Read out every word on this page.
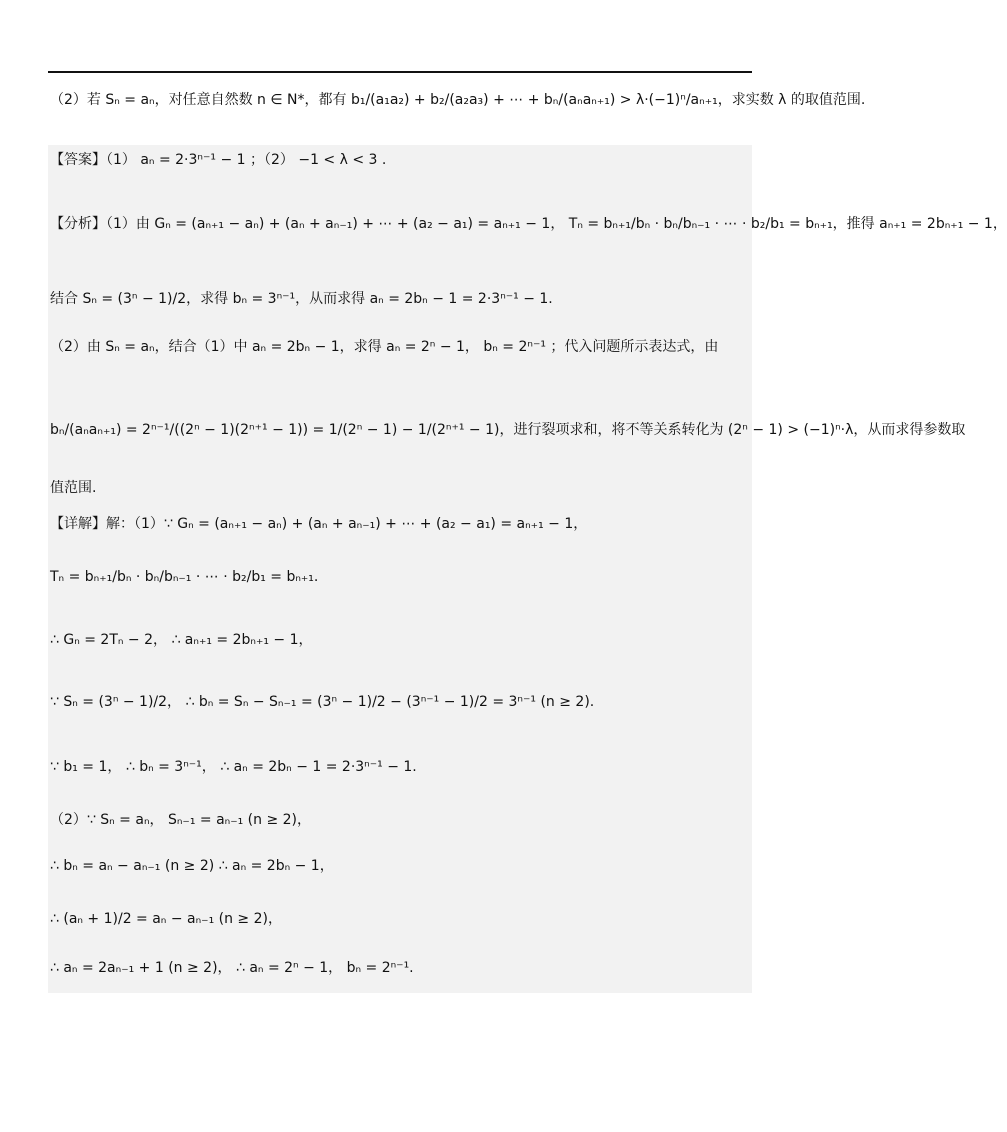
（2）若 Sₙ = aₙ，对任意自然数 n ∈ N*，都有 b₁/(a₁a₂) + b₂/(a₂a₃) + ⋯ + bₙ/(aₙaₙ₊₁) > λ·(−1)ⁿ/aₙ₊₁，求实数 λ 的取值范围.
【答案】（1） aₙ = 2·3ⁿ⁻¹ − 1 ；（2） −1 < λ < 3 .
【分析】（1）由 Gₙ = (aₙ₊₁ − aₙ) + (aₙ + aₙ₋₁) + ⋯ + (a₂ − a₁) = aₙ₊₁ − 1， Tₙ = bₙ₊₁/bₙ · bₙ/bₙ₋₁ · ⋯ · b₂/b₁ = bₙ₊₁，推得 aₙ₊₁ = 2bₙ₊₁ − 1，
结合 Sₙ = (3ⁿ − 1)/2，求得 bₙ = 3ⁿ⁻¹，从而求得 aₙ = 2bₙ − 1 = 2·3ⁿ⁻¹ − 1.
（2）由 Sₙ = aₙ，结合（1）中 aₙ = 2bₙ − 1，求得 aₙ = 2ⁿ − 1， bₙ = 2ⁿ⁻¹ ；代入问题所示表达式，由
bₙ/(aₙaₙ₊₁) = 2ⁿ⁻¹/((2ⁿ − 1)(2ⁿ⁺¹ − 1)) = 1/(2ⁿ − 1) − 1/(2ⁿ⁺¹ − 1)，进行裂项求和，将不等关系转化为 (2ⁿ − 1) > (−1)ⁿ·λ，从而求得参数取
值范围.
【详解】解：（1）∵ Gₙ = (aₙ₊₁ − aₙ) + (aₙ + aₙ₋₁) + ⋯ + (a₂ − a₁) = aₙ₊₁ − 1，
Tₙ = bₙ₊₁/bₙ · bₙ/bₙ₋₁ · ⋯ · b₂/b₁ = bₙ₊₁.
∴ Gₙ = 2Tₙ − 2， ∴ aₙ₊₁ = 2bₙ₊₁ − 1，
∵ Sₙ = (3ⁿ − 1)/2， ∴ bₙ = Sₙ − Sₙ₋₁ = (3ⁿ − 1)/2 − (3ⁿ⁻¹ − 1)/2 = 3ⁿ⁻¹ (n ≥ 2).
∵ b₁ = 1， ∴ bₙ = 3ⁿ⁻¹， ∴ aₙ = 2bₙ − 1 = 2·3ⁿ⁻¹ − 1.
（2）∵ Sₙ = aₙ， Sₙ₋₁ = aₙ₋₁ (n ≥ 2)，
∴ bₙ = aₙ − aₙ₋₁ (n ≥ 2) ∴ aₙ = 2bₙ − 1，
∴ (aₙ + 1)/2 = aₙ − aₙ₋₁ (n ≥ 2)，
∴ aₙ = 2aₙ₋₁ + 1 (n ≥ 2)， ∴ aₙ = 2ⁿ − 1， bₙ = 2ⁿ⁻¹.
